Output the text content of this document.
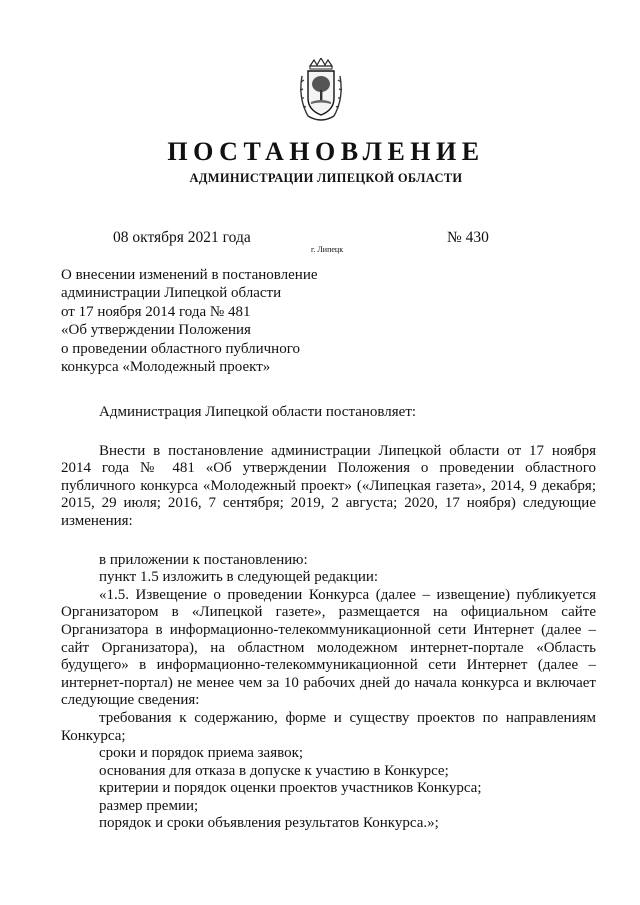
ПОСТАНОВЛЕНИЕ
АДМИНИСТРАЦИИ ЛИПЕЦКОЙ ОБЛАСТИ
08 октября 2021 года
г. Липецк
№ 430
О внесении изменений в постановление
администрации Липецкой области
от 17 ноября 2014 года № 481
«Об утверждении Положения
о проведении областного публичного
конкурса «Молодежный проект»

Администрация Липецкой области постановляет:

Внести в постановление администрации Липецкой области от 17 ноября 2014 года № 481 «Об утверждении Положения о проведении областного публичного конкурса «Молодежный проект» («Липецкая газета», 2014, 9 декабря; 2015, 29 июля; 2016, 7 сентября; 2019, 2 августа; 2020, 17 ноября) следующие изменения:

в приложении к постановлению:

пункт 1.5 изложить в следующей редакции:

«1.5. Извещение о проведении Конкурса (далее – извещение) публикуется Организатором в «Липецкой газете», размещается на официальном сайте Организатора в информационно-телекоммуникационной сети Интернет (далее – сайт Организатора), на областном молодежном интернет-портале «Область будущего» в информационно-телекоммуникационной сети Интернет (далее – интернет-портал) не менее чем за 10 рабочих дней до начала конкурса и включает следующие сведения:

требования к содержанию, форме и существу проектов по направлениям Конкурса;

сроки и порядок приема заявок;

основания для отказа в допуске к участию в Конкурсе;

критерии и порядок оценки проектов участников Конкурса;

размер премии;

порядок и сроки объявления результатов Конкурса.»;
